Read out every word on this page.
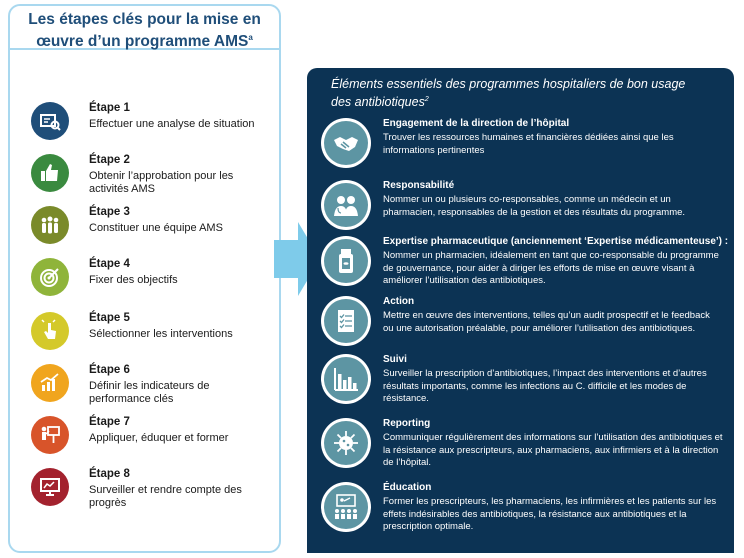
Les étapes clés pour la mise en
œuvre d’un programme AMS$^a$
Étape 1
Effectuer une analyse de situation
Étape 2
Obtenir l’approbation pour les activités AMS
Étape 3
Constituer une équipe AMS
Étape 4
Fixer des objectifs
Étape 5
Sélectionner les interventions
Étape 6
Définir les indicateurs de performance clés
Étape 7
Appliquer, éduquer et former
Étape 8
Surveiller et rendre compte des progrès
Éléments essentiels des programmes hospitaliers de bon usage
des antibiotiques$^2$
Engagement de la direction de l’hôpital
Trouver les ressources humaines et financières dédiées ainsi que les informations pertinentes
Responsabilité
Nommer un ou plusieurs co-responsables, comme un médecin et un pharmacien, responsables de la gestion et des résultats du programme.
Expertise pharmaceutique (anciennement ‘Expertise médicamenteuse’) :
Nommer un pharmacien, idéalement en tant que co-responsable du programme de gouvernance, pour aider à diriger les efforts de mise en œuvre visant à améliorer l’utilisation des antibiotiques.
Action
Mettre en œuvre des interventions, telles qu’un audit prospectif et le feedback ou une autorisation préalable, pour améliorer l’utilisation des antibiotiques.
Suivi
Surveiller la prescription d’antibiotiques, l’impact des interventions et d’autres résultats importants, comme les infections au C. difficile et les modes de résistance.
Reporting
Communiquer régulièrement des informations sur l’utilisation des antibiotiques et la résistance aux prescripteurs, aux pharmaciens, aux infirmiers et à la direction de l’hôpital.
Éducation
Former les prescripteurs, les pharmaciens, les infirmières et les patients sur les effets indésirables des antibiotiques, la résistance aux antibiotiques et la prescription optimale.
